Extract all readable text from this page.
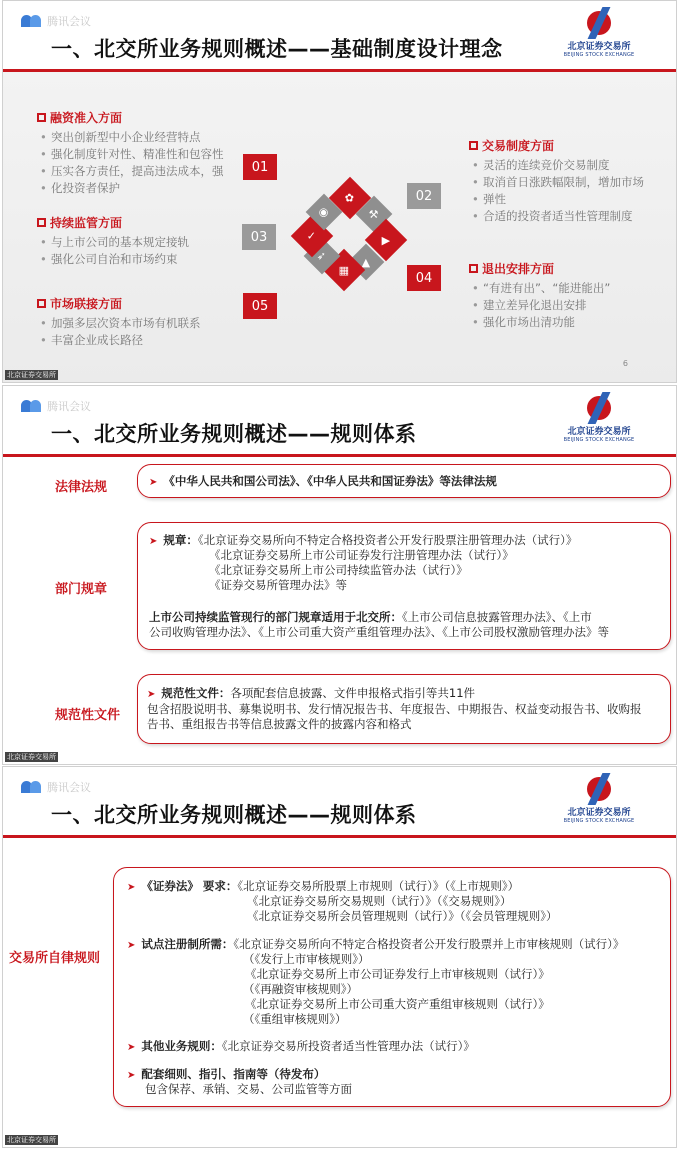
腾讯会议
一、北交所业务规则概述——基础制度设计理念	北京证券交易所
BEIJING STOCK EXCHANGE
融资准入方面
• 突出创新型中小企业经营特点
• 强化制度针对性、精准性和包容性
• 压实各方责任，提高违法成本，强
• 化投资者保护
持续监管方面
• 与上市公司的基本规定接轨
• 强化公司自治和市场约束
市场联接方面
• 加强多层次资本市场有机联系
• 丰富企业成长路径
交易制度方面
• 灵活的连续竞价交易制度
• 取消首日涨跌幅限制，增加市场
• 弹性
• 合适的投资者适当性管理制度
退出安排方面
• “有进有出”、“能进能出”
• 建立差异化退出安排
• 强化市场出清功能
01
02
03
04
05
✿
⚒
▶
▲
▦
➶
✓
◉
6
北京证券交易所
腾讯会议
一、北交所业务规则概述——规则体系	北京证券交易所
BEIJING STOCK EXCHANGE
法律法规	➤ 《中华人民共和国公司法》、《中华人民共和国证券法》等法律法规
部门规章
➤ 规章：《北京证券交易所向不特定合格投资者公开发行股票注册管理办法（试行）》
《北京证券交易所上市公司证券发行注册管理办法（试行）》
《北京证券交易所上市公司持续监管办法（试行）》
《证券交易所管理办法》等
上市公司持续监管现行的部门规章适用于北交所：《上市公司信息披露管理办法》、《上市
公司收购管理办法》、《上市公司重大资产重组管理办法》、《上市公司股权激励管理办法》等
规范性文件
➤ 规范性文件：各项配套信息披露、文件申报格式指引等共11件
包含招股说明书、募集说明书、发行情况报告书、年度报告、中期报告、权益变动报告书、收购报
告书、重组报告书等信息披露文件的披露内容和格式
北京证券交易所
腾讯会议
一、北交所业务规则概述——规则体系	北京证券交易所
BEIJING STOCK EXCHANGE
交易所自律规则
➤ 《证券法》 要求：《北京证券交易所股票上市规则（试行）》（《上市规则》）
《北京证券交易所交易规则（试行）》（《交易规则》）
《北京证券交易所会员管理规则（试行）》（《会员管理规则》）
➤ 试点注册制所需：《北京证券交易所向不特定合格投资者公开发行股票并上市审核规则（试行）》
（《发行上市审核规则》）
《北京证券交易所上市公司证券发行上市审核规则（试行）》
（《再融资审核规则》）
《北京证券交易所上市公司重大资产重组审核规则（试行）》
（《重组审核规则》）
➤ 其他业务规则：《北京证券交易所投资者适当性管理办法（试行）》
➤ 配套细则、指引、指南等（待发布）
包含保荐、承销、交易、公司监管等方面
北京证券交易所
